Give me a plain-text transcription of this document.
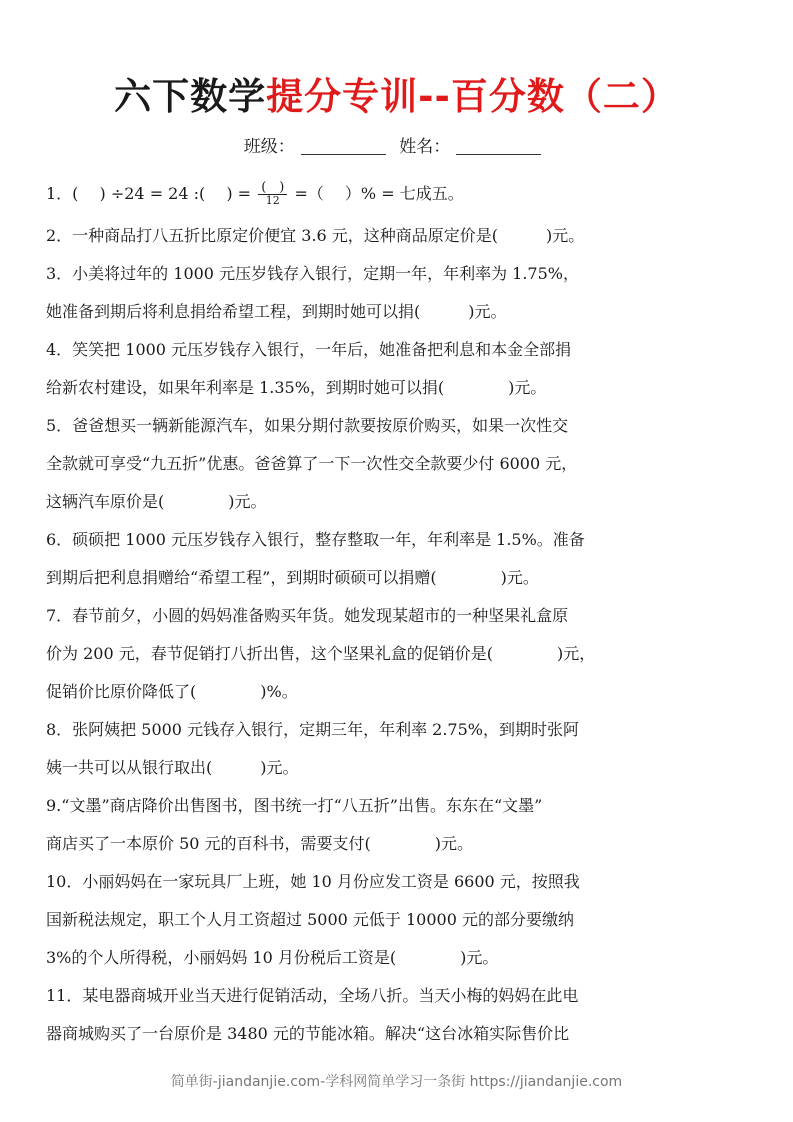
六下数学提分专训--百分数（二）
班级：	姓名：
1．(　 ) ÷24 = 24 :(　 ) = $\frac{( )}{12}$ =（　 ）% = 七成五。
2．一种商品打八五折比原定价便宜 3.6 元，这种商品原定价是(　　　)元。
3．小美将过年的 1000 元压岁钱存入银行，定期一年，年利率为 1.75%，
她准备到期后将利息捐给希望工程，到期时她可以捐(　　　)元。
4．笑笑把 1000 元压岁钱存入银行，一年后，她准备把利息和本金全部捐
给新农村建设，如果年利率是 1.35%，到期时她可以捐(　　　　)元。
5．爸爸想买一辆新能源汽车，如果分期付款要按原价购买，如果一次性交
全款就可享受“九五折”优惠。爸爸算了一下一次性交全款要少付 6000 元，
这辆汽车原价是(　　　　)元。
6．硕硕把 1000 元压岁钱存入银行，整存整取一年，年利率是 1.5%。准备
到期后把利息捐赠给“希望工程”，到期时硕硕可以捐赠(　　　　)元。
7．春节前夕，小圆的妈妈准备购买年货。她发现某超市的一种坚果礼盒原
价为 200 元，春节促销打八折出售，这个坚果礼盒的促销价是(　　　　)元，
促销价比原价降低了(　　　　)%。
8．张阿姨把 5000 元钱存入银行，定期三年，年利率 2.75%，到期时张阿
姨一共可以从银行取出(　　　)元。
9.“文墨”商店降价出售图书，图书统一打“八五折”出售。东东在“文墨”
商店买了一本原价 50 元的百科书，需要支付(　　　　)元。
10．小丽妈妈在一家玩具厂上班，她 10 月份应发工资是 6600 元，按照我
国新税法规定，职工个人月工资超过 5000 元低于 10000 元的部分要缴纳
3%的个人所得税，小丽妈妈 10 月份税后工资是(　　　　)元。
11．某电器商城开业当天进行促销活动，全场八折。当天小梅的妈妈在此电
器商城购买了一台原价是 3480 元的节能冰箱。解决“这台冰箱实际售价比
简单街-jiandanjie.com-学科网简单学习一条街 https://jiandanjie.com
